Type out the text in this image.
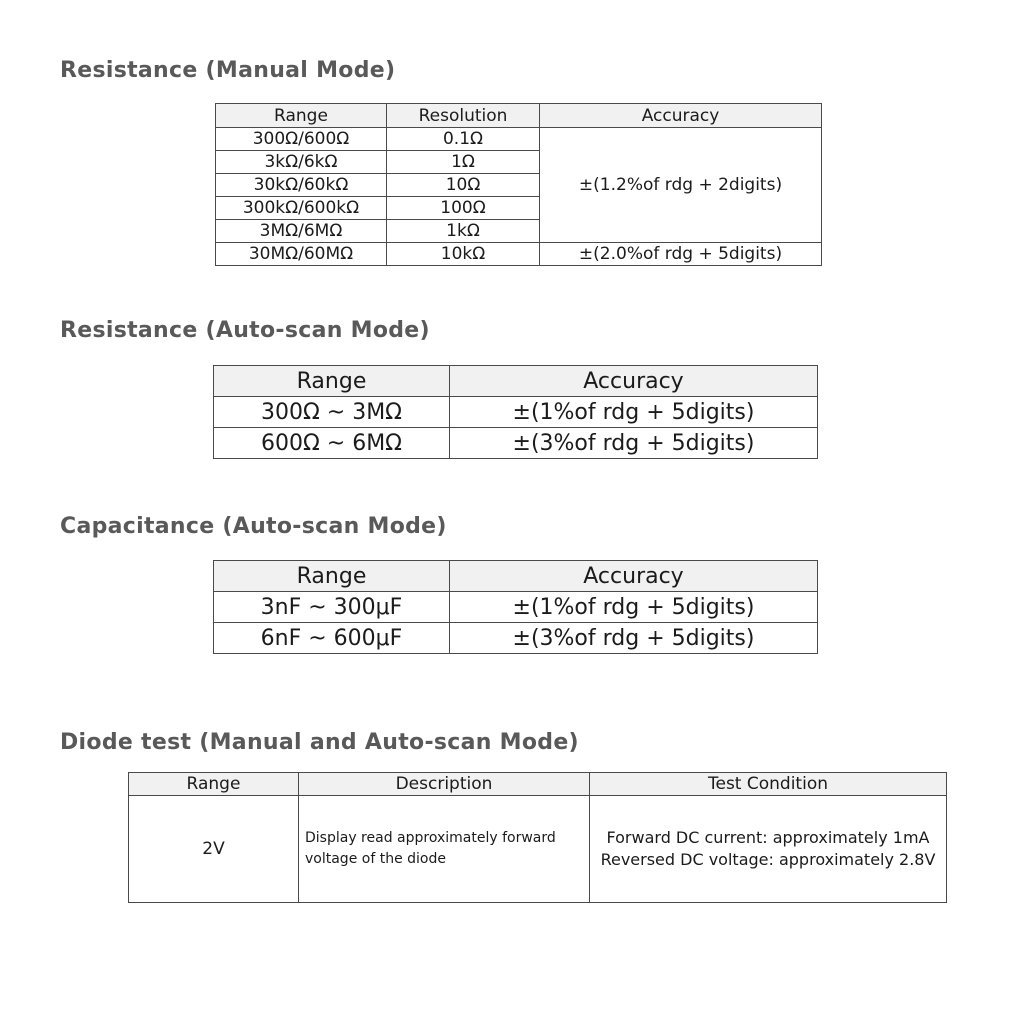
Resistance (Manual Mode)
Range	Resolution	Accuracy
300Ω/600Ω	0.1Ω	±(1.2%of rdg + 2digits)
3kΩ/6kΩ	1Ω	
30kΩ/60kΩ	10Ω	
300kΩ/600kΩ	100Ω	
3MΩ/6MΩ	1kΩ	
30MΩ/60MΩ	10kΩ	±(2.0%of rdg + 5digits)
Resistance (Auto-scan Mode)
Range	Accuracy
300Ω ~ 3MΩ	±(1%of rdg + 5digits)
600Ω ~ 6MΩ	±(3%of rdg + 5digits)
Capacitance (Auto-scan Mode)
Range	Accuracy
3nF ~ 300μF	±(1%of rdg + 5digits)
6nF ~ 600μF	±(3%of rdg + 5digits)
Diode test (Manual and Auto-scan Mode)
Range	Description	Test Condition
2V	Display read approximately forward voltage of the diode	Forward DC current: approximately 1mA
Reversed DC voltage: approximately 2.8V
